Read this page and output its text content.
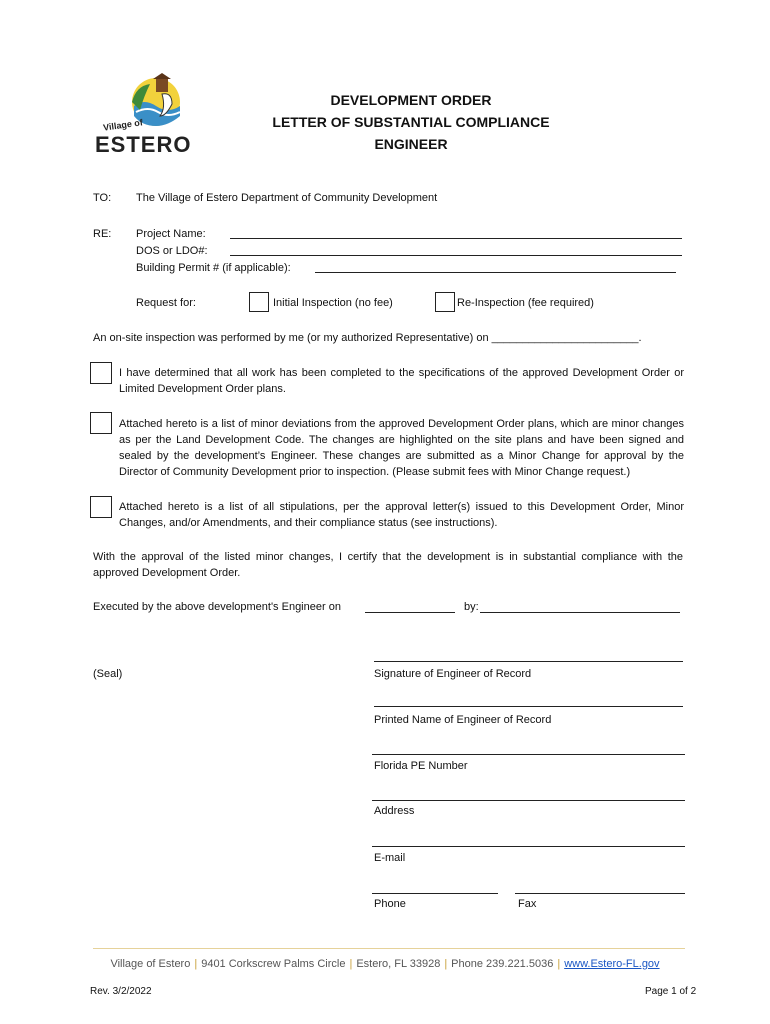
Village of
ESTERO
DEVELOPMENT ORDER
LETTER OF SUBSTANTIAL COMPLIANCE
ENGINEER
TO: The Village of Estero Department of Community Development
RE: Project Name:
DOS or LDO#:
Building Permit # (if applicable):
Request for:	Initial Inspection (no fee)	Re-Inspection (fee required)
An on-site inspection was performed by me (or my authorized Representative) on ________________________.
I have determined that all work has been completed to the specifications of the approved Development Order or Limited Development Order plans.
Attached hereto is a list of minor deviations from the approved Development Order plans, which are minor changes as per the Land Development Code. The changes are highlighted on the site plans and have been signed and sealed by the development’s Engineer. These changes are submitted as a Minor Change for approval by the Director of Community Development prior to inspection. (Please submit fees with Minor Change request.)
Attached hereto is a list of all stipulations, per the approval letter(s) issued to this Development Order, Minor Changes, and/or Amendments, and their compliance status (see instructions).
With the approval of the listed minor changes, I certify that the development is in substantial compliance with the approved Development Order.
Executed by the above development's Engineer on	by:
(Seal)	Signature of Engineer of Record
Printed Name of Engineer of Record
Florida PE Number
Address
E-mail
Phone	Fax
Village of Estero | 9401 Corkscrew Palms Circle | Estero, FL 33928 | Phone 239.221.5036 | www.Estero-FL.gov
Rev. 3/2/2022	Page 1 of 2
